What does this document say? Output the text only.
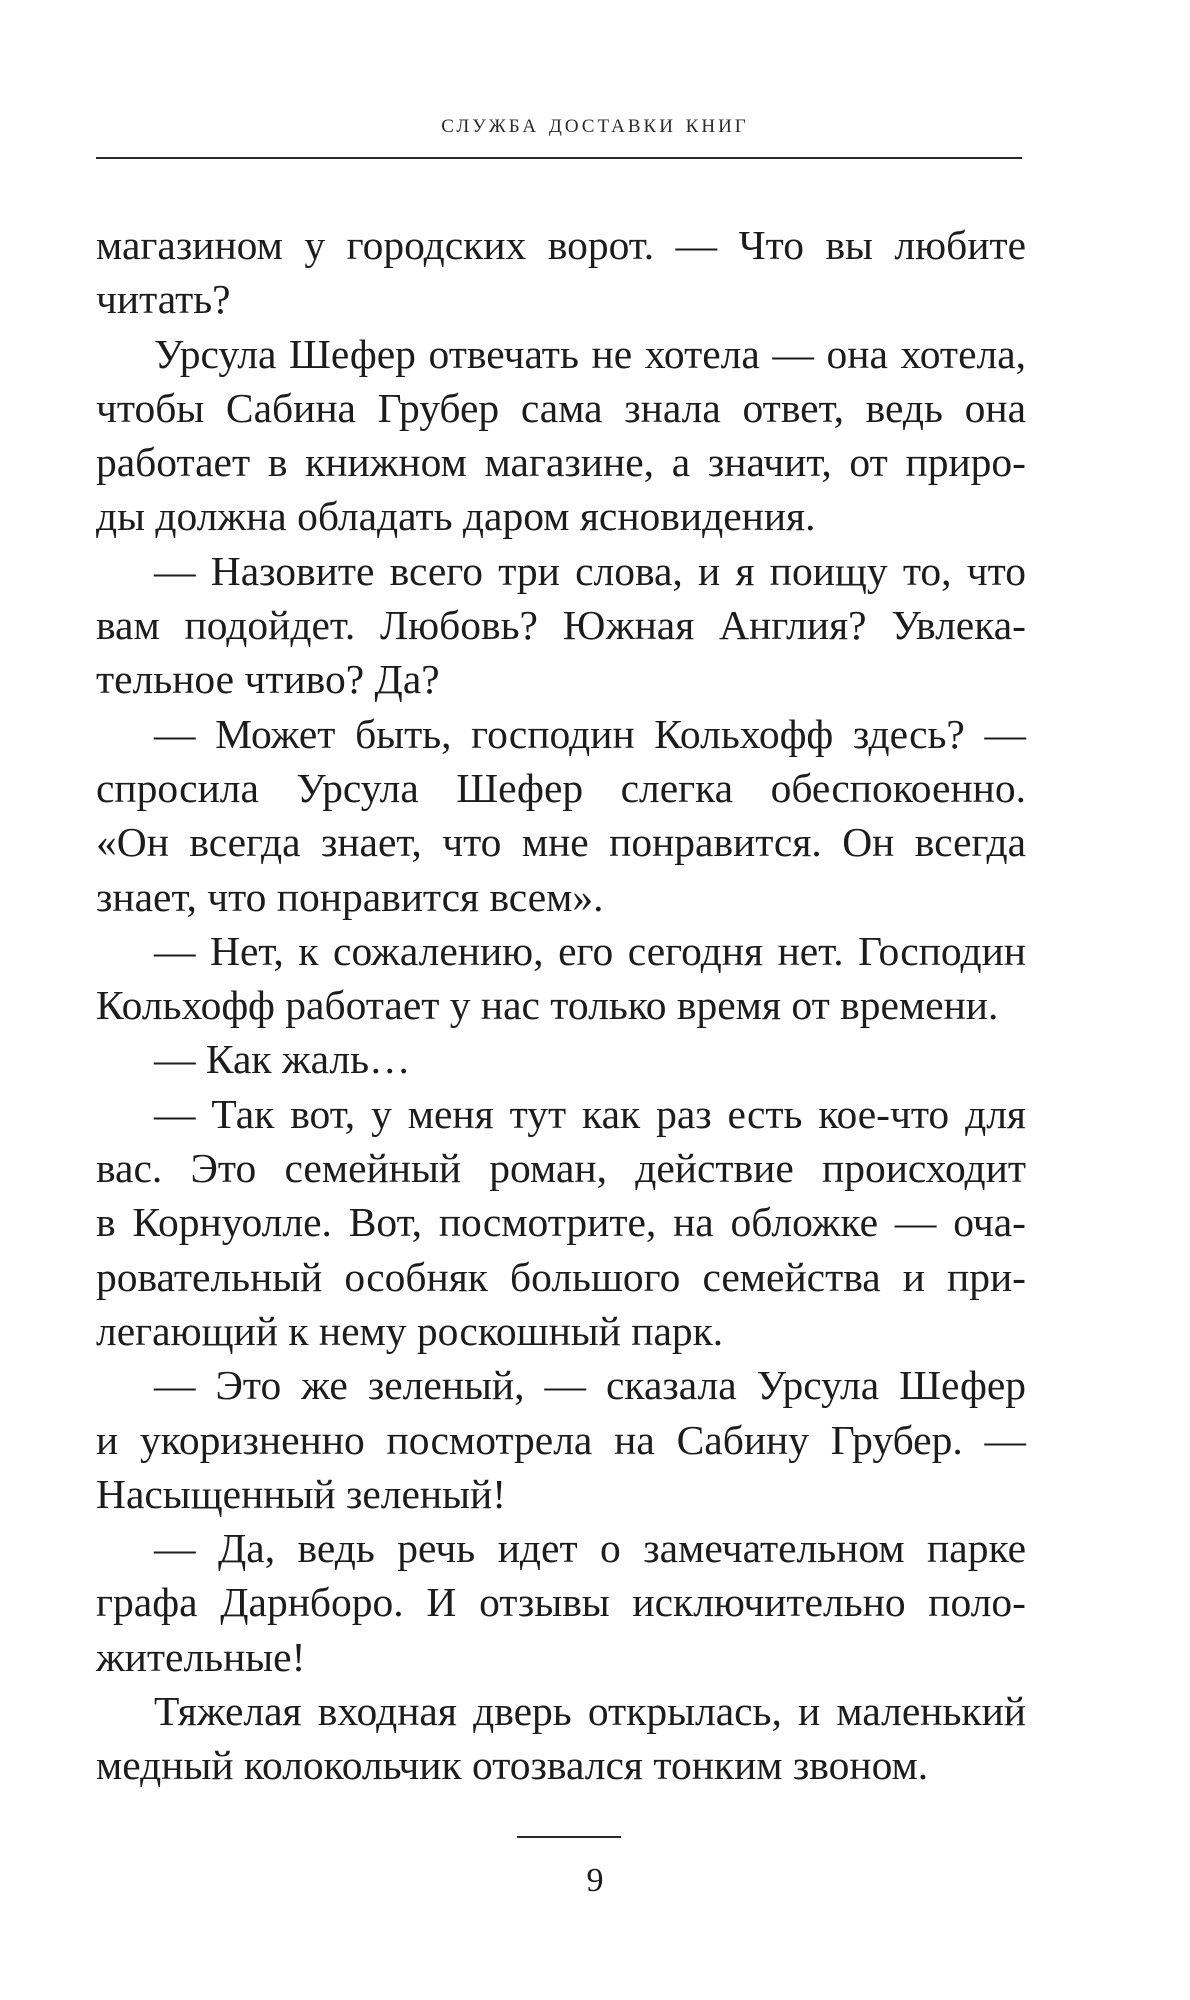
служба доставки книг

магазином у городских ворот. — Что вы любите
читать?

Урсула Шефер отвечать не хотела — она хотела,
чтобы Сабина Грубер сама знала ответ, ведь она
работает в книжном магазине, а значит, от приро-
ды должна обладать даром ясновидения.

— Назовите всего три слова, и я поищу то, что
вам подойдет. Любовь? Южная Англия? Увлека-
тельное чтиво? Да?

— Может быть, господин Кольхофф здесь? —
спросила Урсула Шефер слегка обеспокоенно.
«Он всегда знает, что мне понравится. Он всегда
знает, что понравится всем».

— Нет, к сожалению, его сегодня нет. Господин
Кольхофф работает у нас только время от времени.

— Как жаль…

— Так вот, у меня тут как раз есть кое-что для
вас. Это семейный роман, действие происходит
в Корнуолле. Вот, посмотрите, на обложке — оча-
ровательный особняк большого семейства и при-
легающий к нему роскошный парк.

— Это же зеленый, — сказала Урсула Шефер
и укоризненно посмотрела на Сабину Грубер. —
Насыщенный зеленый!

— Да, ведь речь идет о замечательном парке
графа Дарнборо. И отзывы исключительно поло-
жительные!

Тяжелая входная дверь открылась, и маленький
медный колокольчик отозвался тонким звоном.

9
